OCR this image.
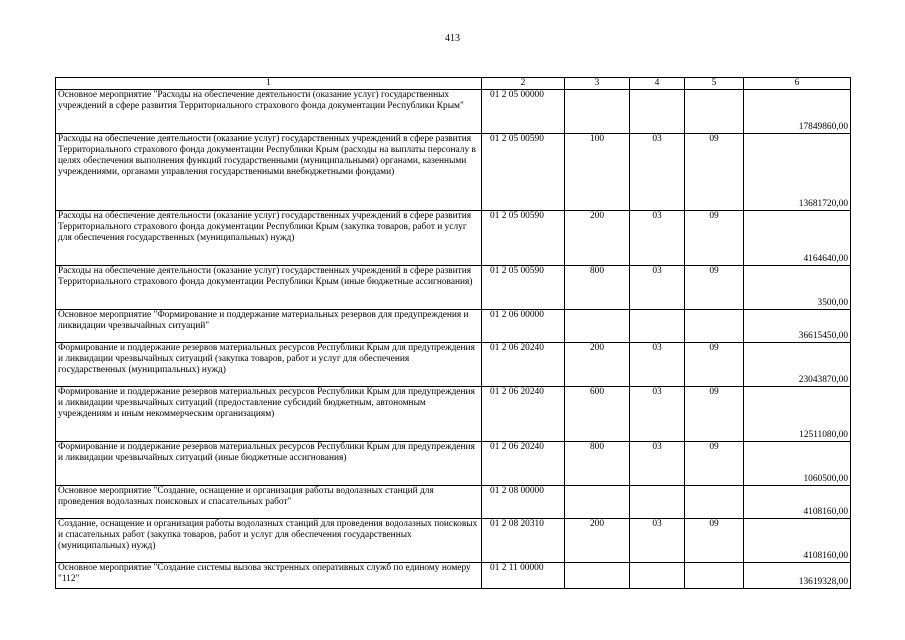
413
1	2	3	4	5	6
Основное мероприятие "Расходы на обеспечение деятельности (оказание услуг) государственных учреждений в сфере развития Территориального страхового фонда документации Республики Крым"	01 2 05 00000				17849860,00
Расходы на обеспечение деятельности (оказание услуг) государственных учреждений в сфере развития Территориального страхового фонда документации Республики Крым (расходы на выплаты персоналу в целях обеспечения выполнения функций государственными (муниципальными) органами, казенными учреждениями, органами управления государственными внебюджетными фондами)	01 2 05 00590	100	03	09	13681720,00
Расходы на обеспечение деятельности (оказание услуг) государственных учреждений в сфере развития Территориального страхового фонда документации Республики Крым (закупка товаров, работ и услуг для обеспечения государственных (муниципальных) нужд)	01 2 05 00590	200	03	09	4164640,00
Расходы на обеспечение деятельности (оказание услуг) государственных учреждений в сфере развития Территориального страхового фонда документации Республики Крым (иные бюджетные ассигнования)	01 2 05 00590	800	03	09	3500,00
Основное мероприятие "Формирование и поддержание материальных резервов для предупреждения и ликвидации чрезвычайных ситуаций"	01 2 06 00000				36615450,00
Формирование и поддержание резервов материальных ресурсов Республики Крым для предупреждения и ликвидации чрезвычайных ситуаций (закупка товаров, работ и услуг для обеспечения государственных (муниципальных) нужд)	01 2 06 20240	200	03	09	23043870,00
Формирование и поддержание резервов материальных ресурсов Республики Крым для предупреждения и ликвидации чрезвычайных ситуаций (предоставление субсидий бюджетным, автономным учреждениям и иным некоммерческим организациям)	01 2 06 20240	600	03	09	12511080,00
Формирование и поддержание резервов материальных ресурсов Республики Крым для предупреждения и ликвидации чрезвычайных ситуаций (иные бюджетные ассигнования)	01 2 06 20240	800	03	09	1060500,00
Основное мероприятие "Создание, оснащение и организация работы водолазных станций для проведения водолазных поисковых и спасательных работ"	01 2 08 00000				4108160,00
Создание, оснащение и организация работы водолазных станций для проведения водолазных поисковых и спасательных работ (закупка товаров, работ и услуг для обеспечения государственных (муниципальных) нужд)	01 2 08 20310	200	03	09	4108160,00
Основное мероприятие "Создание системы вызова экстренных оперативных служб по единому номеру "112"	01 2 11 00000				13619328,00
